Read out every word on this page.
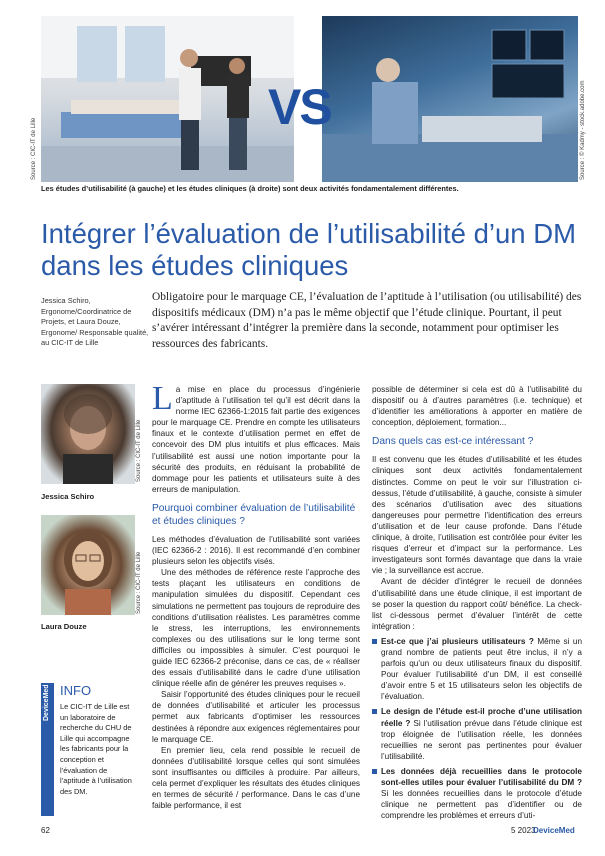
Source : CIC-IT de Lille	Source : © Kadmy - stock.adobe.com
VS
Les études d’utilisabilité (à gauche) et les études cliniques (à droite) sont deux activités fondamentalement différentes.
Intégrer l’évaluation de l’utilisabilité d’un DM dans les études cliniques
Jessica Schiro, Ergonome/Coordinatrice de Projets, et Laura Douze, Ergonome/ Responsable qualité, au CIC-IT de Lille
Obligatoire pour le marquage CE, l’évaluation de l’aptitude à l’utilisation (ou utilisabilité) des dispositifs médicaux (DM) n’a pas le même objectif que l’étude clinique. Pourtant, il peut s’avérer intéressant d’intégrer la première dans la seconde, notamment pour optimiser les ressources des fabricants.
Source : CIC-IT de Lille
Jessica Schiro
Source : CIC-IT de Lille
Laura Douze
DeviceMed INFO
Le CIC-IT de Lille est un laboratoire de recherche du CHU de Lille qui accompagne les fabricants pour la conception et l’évaluation de l’aptitude à l’utilisation des DM.

La mise en place du processus d’ingénierie d’aptitude à l’utilisation tel qu’il est décrit dans la norme IEC 62366-1:2015 fait partie des exigences pour le marquage CE. Prendre en compte les utilisateurs finaux et le contexte d’utilisation permet en effet de concevoir des DM plus intuitifs et plus efficaces. Mais l’utilisabilité est aussi une notion importante pour la sécurité des produits, en réduisant la probabilité de dommage pour les patients et utilisateurs suite à des erreurs de manipulation.

Pourquoi combiner évaluation de l’utilisabilité et études cliniques ?

Les méthodes d’évaluation de l’utilisabilité sont variées (IEC 62366-2 : 2016). Il est recommandé d’en combiner plusieurs selon les objectifs visés.

Une des méthodes de référence reste l’approche des tests plaçant les utilisateurs en conditions de manipulation simulées du dispositif. Cependant ces simulations ne permettent pas toujours de reproduire des conditions d’utilisation réalistes. Les paramètres comme le stress, les interruptions, les environnements complexes ou des utilisations sur le long terme sont difficiles ou impossibles à simuler. C’est pourquoi le guide IEC 62366-2 préconise, dans ce cas, de « réaliser des essais d’utilisabilité dans le cadre d’une utilisation clinique réelle afin de générer les preuves requises ».

Saisir l’opportunité des études cliniques pour le recueil de données d’utilisabilité et articuler les processus permet aux fabricants d’optimiser les ressources destinées à répondre aux exigences réglementaires pour le marquage CE.

En premier lieu, cela rend possible le recueil de données d’utilisabilité lorsque celles qui sont simulées sont insuffisantes ou difficiles à produire. Par ailleurs, cela permet d’expliquer les résultats des études cliniques en termes de sécurité / performance. Dans le cas d’une faible performance, il est

possible de déterminer si cela est dû à l’utilisabilité du dispositif ou à d’autres paramètres (i.e. technique) et d’identifier les améliorations à apporter en matière de conception, déploiement, formation...

Dans quels cas est-ce intéressant ?

Il est convenu que les études d’utilisabilité et les études cliniques sont deux activités fondamentalement distinctes. Comme on peut le voir sur l’illustration ci-dessus, l’étude d’utilisabilité, à gauche, consiste à simuler des scénarios d’utilisation avec des situations dangereuses pour permettre l’identification des erreurs d’utilisation et de leur cause profonde. Dans l’étude clinique, à droite, l’utilisation est contrôlée pour éviter les risques d’erreur et d’impact sur la performance. Les investigateurs sont formés davantage que dans la vraie vie ; la surveillance est accrue.

Avant de décider d’intégrer le recueil de données d’utilisabilité dans une étude clinique, il est important de se poser la question du rapport coût/ bénéfice. La check-list ci-dessous permet d’évaluer l’intérêt de cette intégration :

Est-ce que j’ai plusieurs utilisateurs ? Même si un grand nombre de patients peut être inclus, il n’y a parfois qu’un ou deux utilisateurs finaux du dispositif. Pour évaluer l’utilisabilité d’un DM, il est conseillé d’avoir entre 5 et 15 utilisateurs selon les objectifs de l’évaluation.
Le design de l’étude est-il proche d’une utilisation réelle ? Si l’utilisation prévue dans l’étude clinique est trop éloignée de l’utilisation réelle, les données recueillies ne seront pas pertinentes pour évaluer l’utilisabilité.
Les données déjà recueillies dans le protocole sont-elles utiles pour évaluer l’utilisabilité du DM ? Si les données recueillies dans le protocole d’étude clinique ne permettent pas d’identifier ou de comprendre les problèmes et erreurs d’uti-
62	5 2023
DeviceMed
